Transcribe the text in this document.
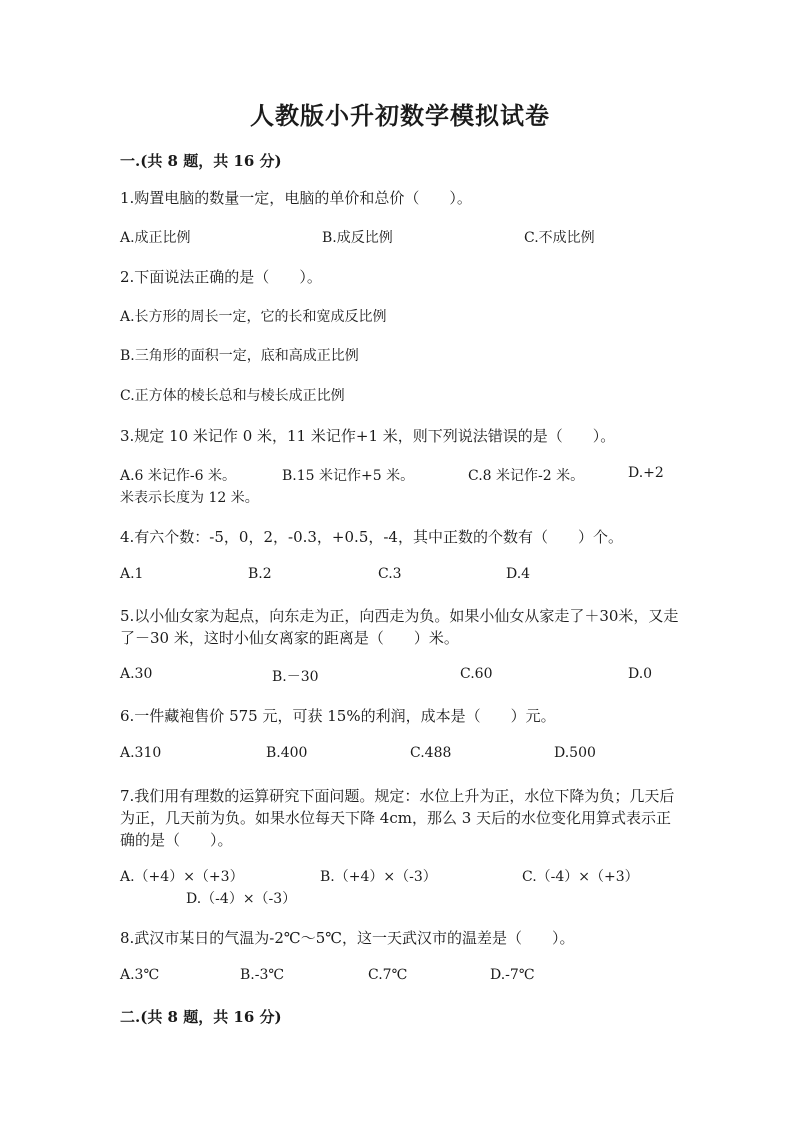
人教版小升初数学模拟试卷
一.(共 8 题，共 16 分)
1.购置电脑的数量一定，电脑的单价和总价（　　）。
A.成正比例	B.成反比例	C.不成比例
2.下面说法正确的是（　　）。
A.长方形的周长一定，它的长和宽成反比例
B.三角形的面积一定，底和高成正比例
C.正方体的棱长总和与棱长成正比例
3.规定 10 米记作 0 米，11 米记作+1 米，则下列说法错误的是（　　）。
A.6 米记作-6 米。	B.15 米记作+5 米。	C.8 米记作-2 米。	D.+2
米表示长度为 12 米。
4.有六个数：-5，0，2，-0.3，+0.5，-4，其中正数的个数有（　　）个。
A.1	B.2	C.3	D.4
5.以小仙女家为起点，向东走为正，向西走为负。如果小仙女从家走了＋30米，又走了－30 米，这时小仙女离家的距离是（　　）米。
A.30	B.－30	C.60	D.0
6.一件藏袍售价 575 元，可获 15%的利润，成本是（　　）元。
A.310	B.400	C.488	D.500
7.我们用有理数的运算研究下面问题。规定：水位上升为正，水位下降为负；几天后为正，几天前为负。如果水位每天下降 4cm，那么 3 天后的水位变化用算式表示正确的是（　　）。
A.（+4）×（+3）	B.（+4）×（-3）	C.（-4）×（+3）
D.（-4）×（-3）
8.武汉市某日的气温为-2℃～5℃，这一天武汉市的温差是（　　）。
A.3℃	B.-3℃	C.7℃	D.-7℃
二.(共 8 题，共 16 分)
